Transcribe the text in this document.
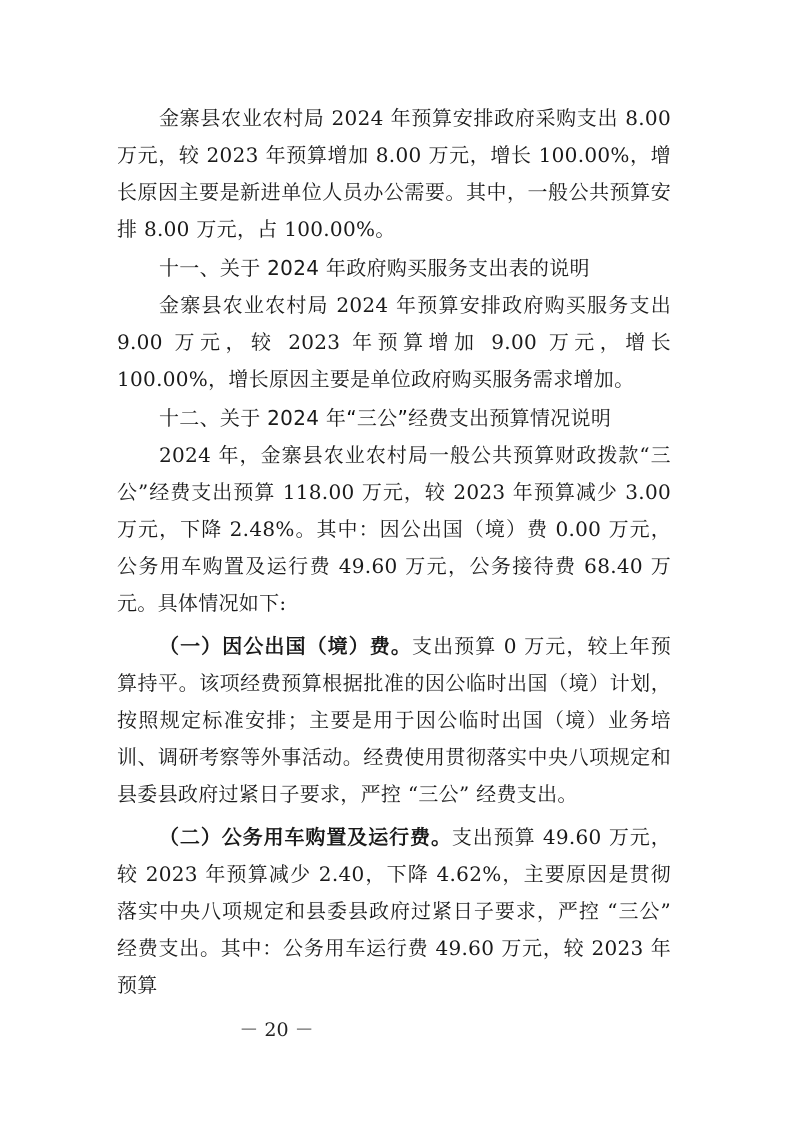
金寨县农业农村局 2024 年预算安排政府采购支出 8.00 万元，较 2023 年预算增加 8.00 万元，增长 100.00%，增长原因主要是新进单位人员办公需要。其中，一般公共预算安排 8.00 万元，占 100.00%。

十一、关于 2024 年政府购买服务支出表的说明

金寨县农业农村局 2024 年预算安排政府购买服务支出 9.00 万元，较 2023 年预算增加 9.00 万元，增长 100.00%，增长原因主要是单位政府购买服务需求增加。

十二、关于 2024 年“三公”经费支出预算情况说明

2024 年，金寨县农业农村局一般公共预算财政拨款“三公”经费支出预算 118.00 万元，较 2023 年预算减少 3.00 万元，下降 2.48%。其中：因公出国（境）费 0.00 万元，公务用车购置及运行费 49.60 万元，公务接待费 68.40 万元。具体情况如下:

（一）因公出国（境）费。支出预算 0 万元，较上年预算持平。该项经费预算根据批准的因公临时出国（境）计划，按照规定标准安排；主要是用于因公临时出国（境）业务培训、调研考察等外事活动。经费使用贯彻落实中央八项规定和县委县政府过紧日子要求，严控 “三公” 经费支出。

（二）公务用车购置及运行费。支出预算 49.60 万元，较 2023 年预算减少 2.40，下降 4.62%，主要原因是贯彻落实中央八项规定和县委县政府过紧日子要求，严控 “三公” 经费支出。其中：公务用车运行费 49.60 万元，较 2023 年预算

－ 20 －
